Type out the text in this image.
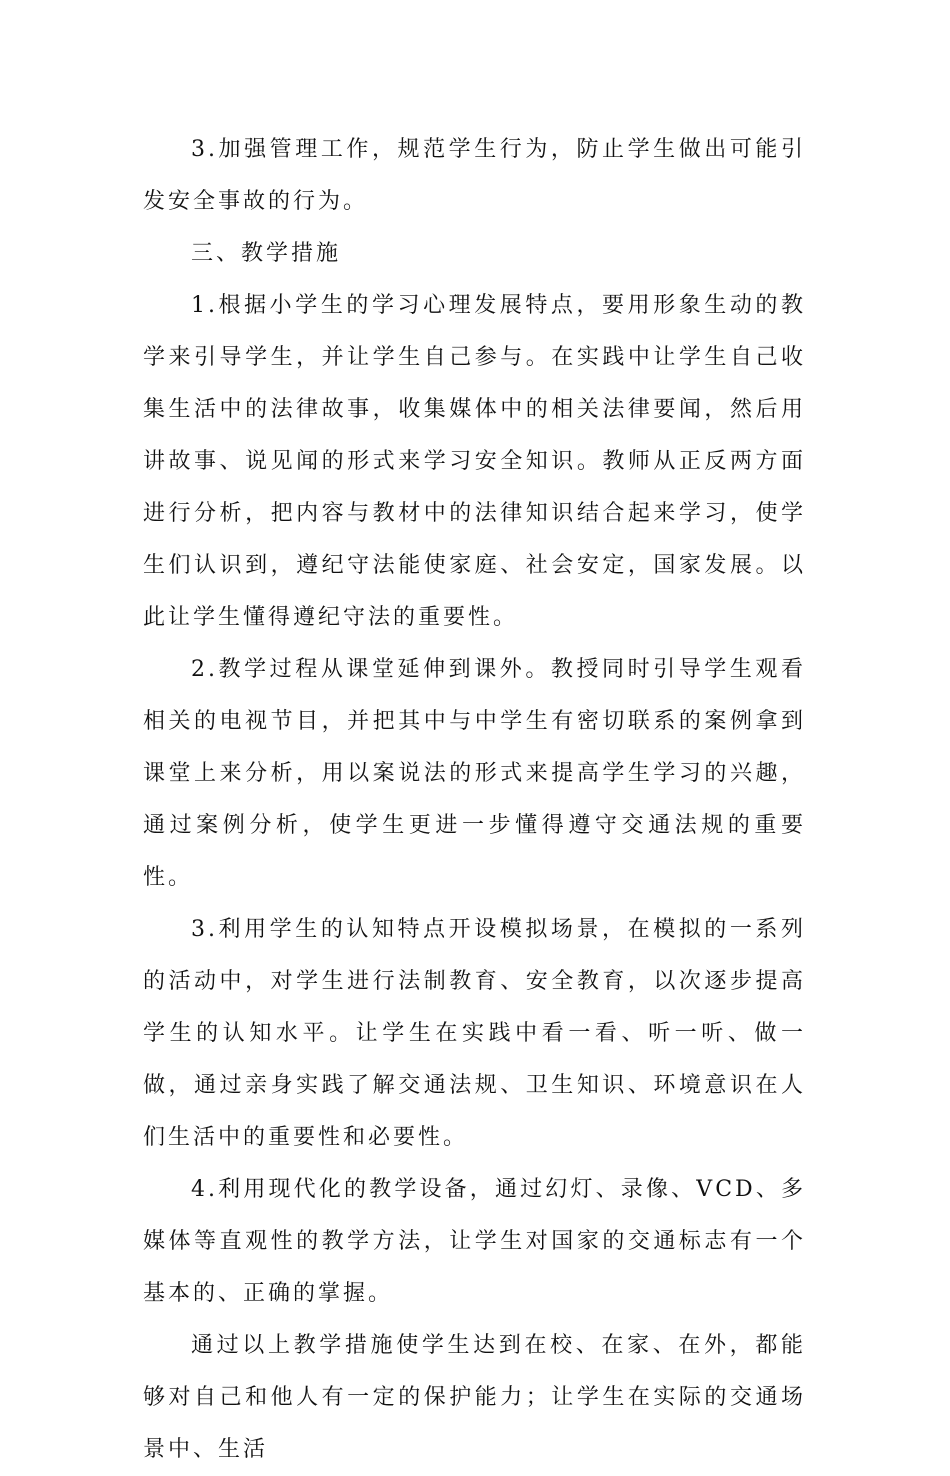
3.加强管理工作，规范学生行为，防止学生做出可能引发安全事故的行为。

三、教学措施

1.根据小学生的学习心理发展特点，要用形象生动的教学来引导学生，并让学生自己参与。在实践中让学生自己收集生活中的法律故事，收集媒体中的相关法律要闻，然后用讲故事、说见闻的形式来学习安全知识。教师从正反两方面进行分析，把内容与教材中的法律知识结合起来学习，使学生们认识到，遵纪守法能使家庭、社会安定，国家发展。以此让学生懂得遵纪守法的重要性。

2.教学过程从课堂延伸到课外。教授同时引导学生观看相关的电视节目，并把其中与中学生有密切联系的案例拿到课堂上来分析，用以案说法的形式来提高学生学习的兴趣，通过案例分析，使学生更进一步懂得遵守交通法规的重要性。

3.利用学生的认知特点开设模拟场景，在模拟的一系列的活动中，对学生进行法制教育、安全教育，以次逐步提高学生的认知水平。让学生在实践中看一看、听一听、做一做，通过亲身实践了解交通法规、卫生知识、环境意识在人们生活中的重要性和必要性。

4.利用现代化的教学设备，通过幻灯、录像、VCD、多媒体等直观性的教学方法，让学生对国家的交通标志有一个基本的、正确的掌握。

通过以上教学措施使学生达到在校、在家、在外，都能够对自己和他人有一定的保护能力；让学生在实际的交通场景中、生活
